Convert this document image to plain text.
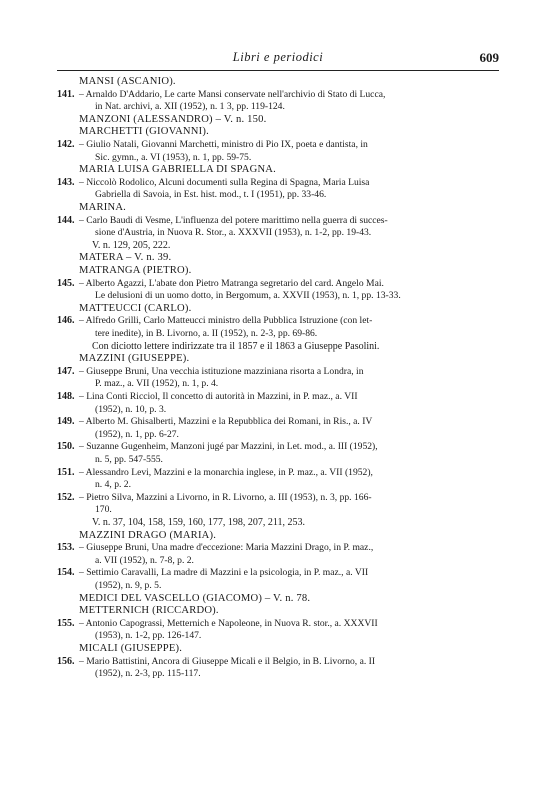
Libri e periodici	609
MANSI (ASCANIO).
141. – Arnaldo D'Addario, Le carte Mansi conservate nell'archivio di Stato di Lucca,
in Nat. archivi, a. XII (1952), n. 1 3, pp. 119-124.
MANZONI (ALESSANDRO) – V. n. 150.
MARCHETTI (GIOVANNI).
142. – Giulio Natali, Giovanni Marchetti, ministro di Pio IX, poeta e dantista, in
Sic. gymn., a. VI (1953), n. 1, pp. 59-75.
MARIA LUISA GABRIELLA DI SPAGNA.
143. – Niccolò Rodolico, Alcuni documenti sulla Regina di Spagna, Maria Luisa
Gabriella di Savoia, in Est. hist. mod., t. I (1951), pp. 33-46.
MARINA.
144. – Carlo Baudi di Vesme, L'influenza del potere marittimo nella guerra di succes-
sione d'Austria, in Nuova R. Stor., a. XXXVII (1953), n. 1-2, pp. 19-43.
V. n. 129, 205, 222.
MATERA – V. n. 39.
MATRANGA (PIETRO).
145. – Alberto Agazzi, L'abate don Pietro Matranga segretario del card. Angelo Mai.
Le delusioni di un uomo dotto, in Bergomum, a. XXVII (1953), n. 1, pp. 13-33.
MATTEUCCI (CARLO).
146. – Alfredo Grilli, Carlo Matteucci ministro della Pubblica Istruzione (con let-
tere inedite), in B. Livorno, a. II (1952), n. 2-3, pp. 69-86.
Con diciotto lettere indirizzate tra il 1857 e il 1863 a Giuseppe Pasolini.
MAZZINI (GIUSEPPE).
147. – Giuseppe Bruni, Una vecchia istituzione mazziniana risorta a Londra, in
P. maz., a. VII (1952), n. 1, p. 4.
148. – Lina Conti Ricciol, Il concetto di autorità in Mazzini, in P. maz., a. VII
(1952), n. 10, p. 3.
149. – Alberto M. Ghisalberti, Mazzini e la Repubblica dei Romani, in Ris., a. IV
(1952), n. 1, pp. 6-27.
150. – Suzanne Gugenheim, Manzoni jugé par Mazzini, in Let. mod., a. III (1952),
n. 5, pp. 547-555.
151. – Alessandro Levi, Mazzini e la monarchia inglese, in P. maz., a. VII (1952),
n. 4, p. 2.
152. – Pietro Silva, Mazzini a Livorno, in R. Livorno, a. III (1953), n. 3, pp. 166-
170.
V. n. 37, 104, 158, 159, 160, 177, 198, 207, 211, 253.
MAZZINI DRAGO (MARIA).
153. – Giuseppe Bruni, Una madre d'eccezione: Maria Mazzini Drago, in P. maz.,
a. VII (1952), n. 7-8, p. 2.
154. – Settimio Caravalli, La madre di Mazzini e la psicologia, in P. maz., a. VII
(1952), n. 9, p. 5.
MEDICI DEL VASCELLO (GIACOMO) – V. n. 78.
METTERNICH (RICCARDO).
155. – Antonio Capograssi, Metternich e Napoleone, in Nuova R. stor., a. XXXVII
(1953), n. 1-2, pp. 126-147.
MICALI (GIUSEPPE).
156. – Mario Battistini, Ancora di Giuseppe Micali e il Belgio, in B. Livorno, a. II
(1952), n. 2-3, pp. 115-117.
